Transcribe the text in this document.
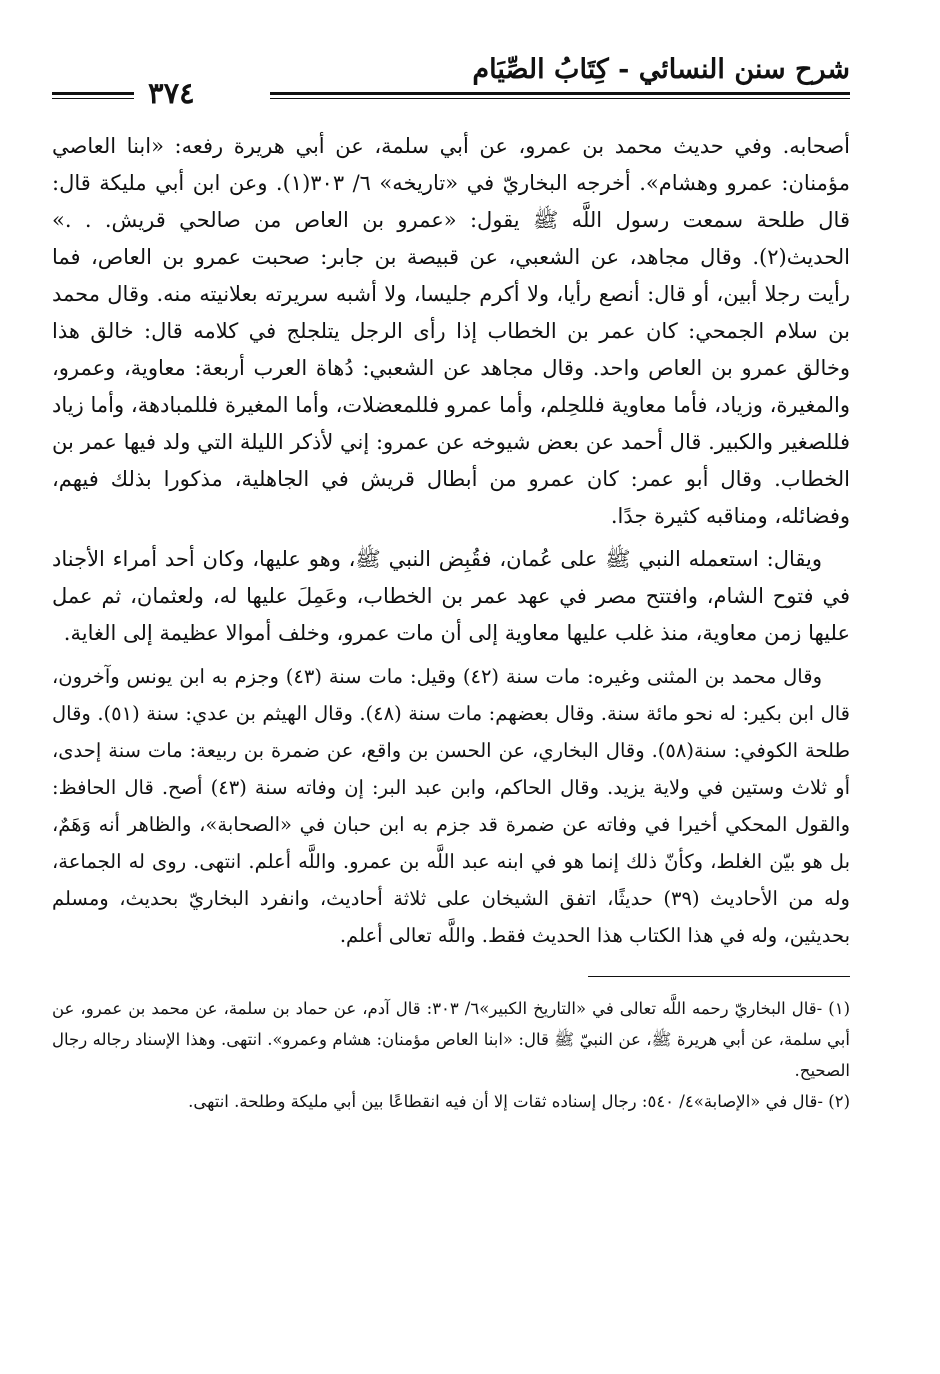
شرح سنن النسائي - كِتَابُ الصِّيَام
٣٧٤

أصحابه. وفي حديث محمد بن عمرو، عن أبي سلمة، عن أبي هريرة رفعه: «ابنا العاصي مؤمنان: عمرو وهشام». أخرجه البخاريّ في «تاريخه» ٦/ ٣٠٣(١). وعن ابن أبي مليكة قال: قال طلحة سمعت رسول اللَّه ﷺ يقول: «عمرو بن العاص من صالحي قريش. . .» الحديث(٢). وقال مجاهد، عن الشعبي، عن قبيصة بن جابر: صحبت عمرو بن العاص، فما رأيت رجلا أبين، أو قال: أنصع رأيا، ولا أكرم جليسا، ولا أشبه سريرته بعلانيته منه. وقال محمد بن سلام الجمحي: كان عمر بن الخطاب إذا رأى الرجل يتلجلج في كلامه قال: خالق هذا وخالق عمرو بن العاص واحد. وقال مجاهد عن الشعبي: دُهاة العرب أربعة: معاوية، وعمرو، والمغيرة، وزياد، فأما معاوية فللحِلم، وأما عمرو فللمعضلات، وأما المغيرة فللمبادهة، وأما زياد فللصغير والكبير. قال أحمد عن بعض شيوخه عن عمرو: إني لأذكر الليلة التي ولد فيها عمر بن الخطاب. وقال أبو عمر: كان عمرو من أبطال قريش في الجاهلية، مذكورا بذلك فيهم، وفضائله، ومناقبه كثيرة جدًا.

ويقال: استعمله النبي ﷺ على عُمان، فقُبِض النبي ﷺ، وهو عليها، وكان أحد أمراء الأجناد في فتوح الشام، وافتتح مصر في عهد عمر بن الخطاب، وعَمِلَ عليها له، ولعثمان، ثم عمل عليها زمن معاوية، منذ غلب عليها معاوية إلى أن مات عمرو، وخلف أموالا عظيمة إلى الغاية.

وقال محمد بن المثنى وغيره: مات سنة (٤٢) وقيل: مات سنة (٤٣) وجزم به ابن يونس وآخرون، قال ابن بكير: له نحو مائة سنة. وقال بعضهم: مات سنة (٤٨). وقال الهيثم بن عدي: سنة (٥١). وقال طلحة الكوفي: سنة(٥٨). وقال البخاري، عن الحسن بن واقع، عن ضمرة بن ربيعة: مات سنة إحدى، أو ثلاث وستين في ولاية يزيد. وقال الحاكم، وابن عبد البر: إن وفاته سنة (٤٣) أصح. قال الحافظ: والقول المحكي أخيرا في وفاته عن ضمرة قد جزم به ابن حبان في «الصحابة»، والظاهر أنه وَهَمٌ، بل هو بيّن الغلط، وكأنّ ذلك إنما هو في ابنه عبد اللَّه بن عمرو. واللَّه أعلم. انتهى. روى له الجماعة، وله من الأحاديث (٣٩) حديثًا، اتفق الشيخان على ثلاثة أحاديث، وانفرد البخاريّ بحديث، ومسلم بحديثين، وله في هذا الكتاب هذا الحديث فقط. واللَّه تعالى أعلم.

(١) -قال البخاريّ رحمه اللَّه تعالى في «التاريخ الكبير»٦/ ٣٠٣: قال آدم، عن حماد بن سلمة، عن محمد بن عمرو، عن أبي سلمة، عن أبي هريرة ﷺ، عن النبيّ ﷺ قال: «ابنا العاص مؤمنان: هشام وعمرو». انتهى. وهذا الإسناد رجاله رجال الصحيح.

(٢) -قال في «الإصابة»٤/ ٥٤٠: رجال إسناده ثقات إلا أن فيه انقطاعًا بين أبي مليكة وطلحة. انتهى.
